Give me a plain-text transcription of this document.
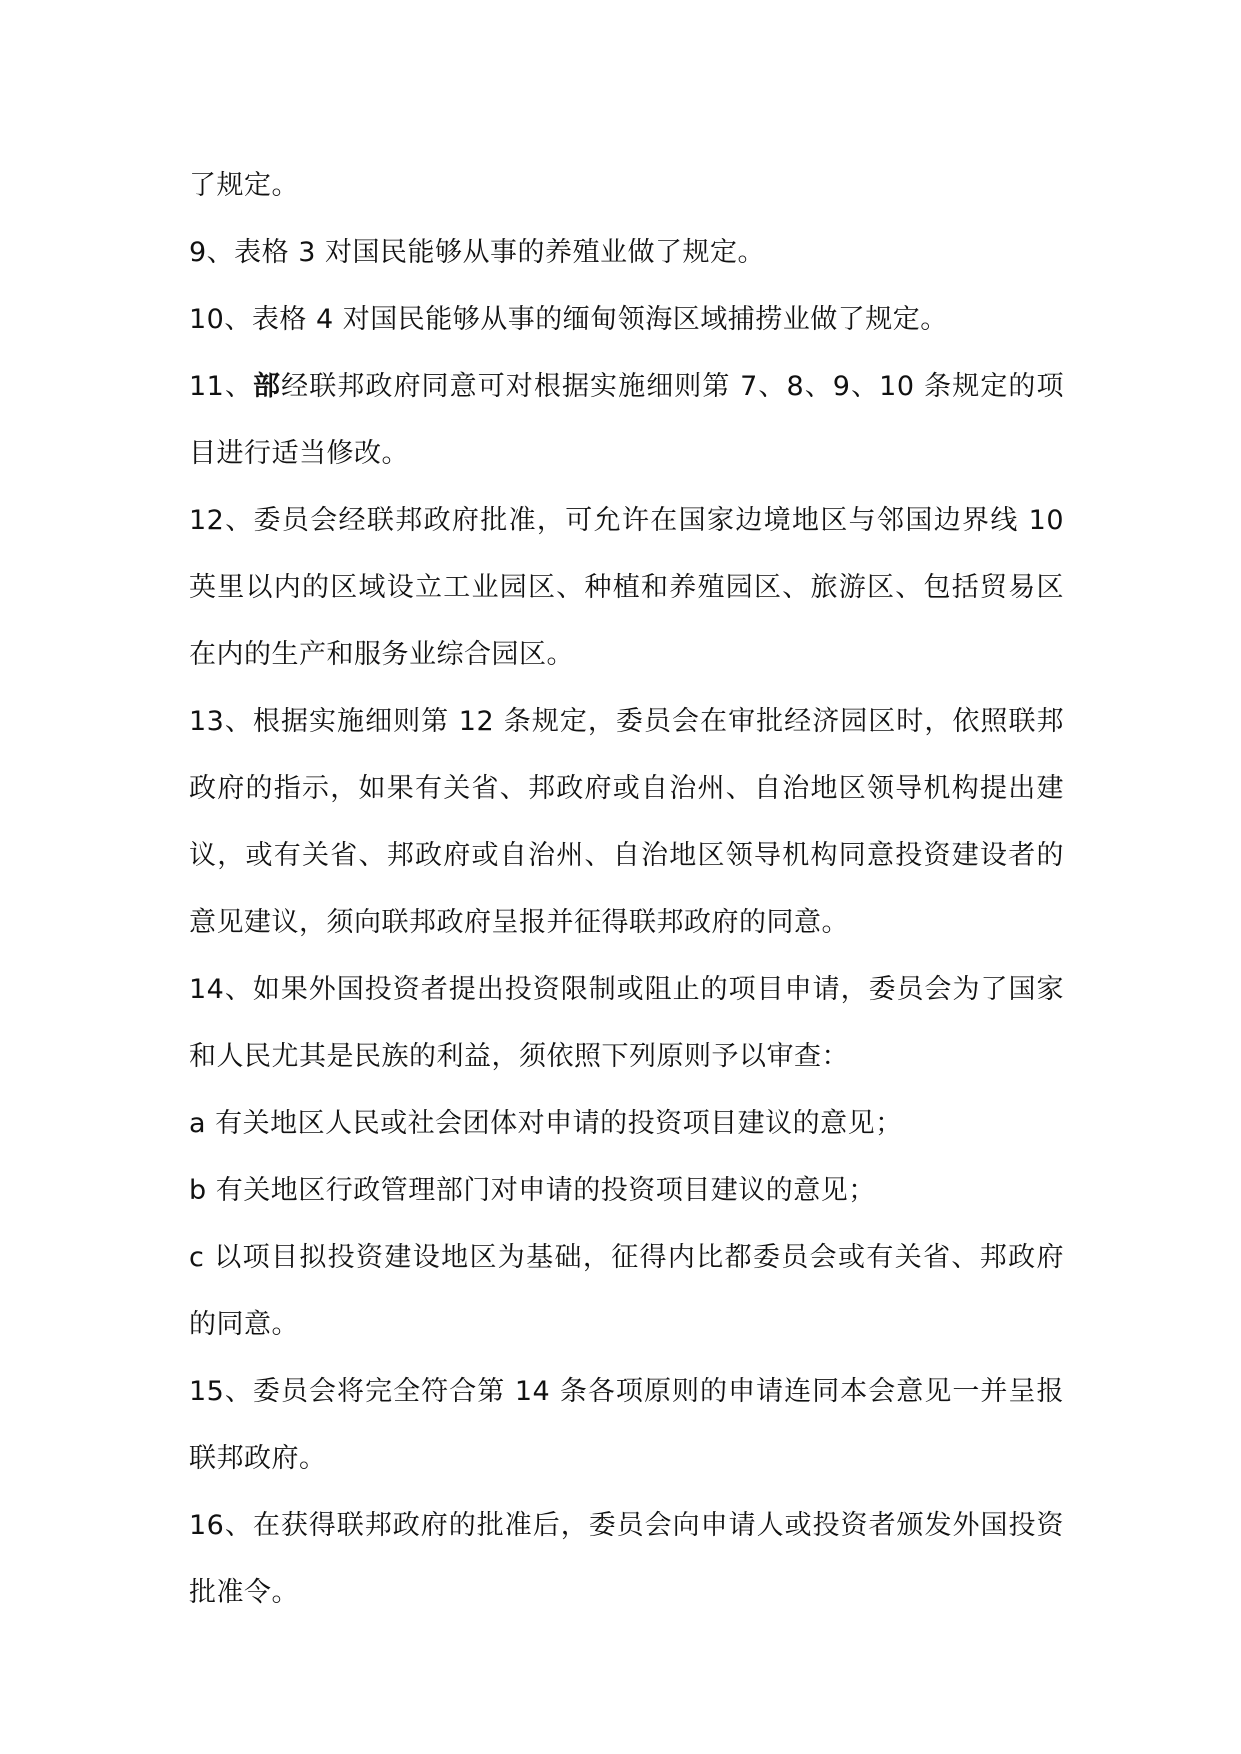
了规定。

9、表格 3 对国民能够从事的养殖业做了规定。

10、表格 4 对国民能够从事的缅甸领海区域捕捞业做了规定。

11、部经联邦政府同意可对根据实施细则第 7、8、9、10 条规定的项目进行适当修改。

12、委员会经联邦政府批准，可允许在国家边境地区与邻国边界线 10 英里以内的区域设立工业园区、种植和养殖园区、旅游区、包括贸易区在内的生产和服务业综合园区。

13、根据实施细则第 12 条规定，委员会在审批经济园区时，依照联邦政府的指示，如果有关省、邦政府或自治州、自治地区领导机构提出建议，或有关省、邦政府或自治州、自治地区领导机构同意投资建设者的意见建议，须向联邦政府呈报并征得联邦政府的同意。

14、如果外国投资者提出投资限制或阻止的项目申请，委员会为了国家和人民尤其是民族的利益，须依照下列原则予以审查：

a 有关地区人民或社会团体对申请的投资项目建议的意见；

b 有关地区行政管理部门对申请的投资项目建议的意见；

c 以项目拟投资建设地区为基础，征得内比都委员会或有关省、邦政府的同意。

15、委员会将完全符合第 14 条各项原则的申请连同本会意见一并呈报联邦政府。

16、在获得联邦政府的批准后，委员会向申请人或投资者颁发外国投资批准令。
